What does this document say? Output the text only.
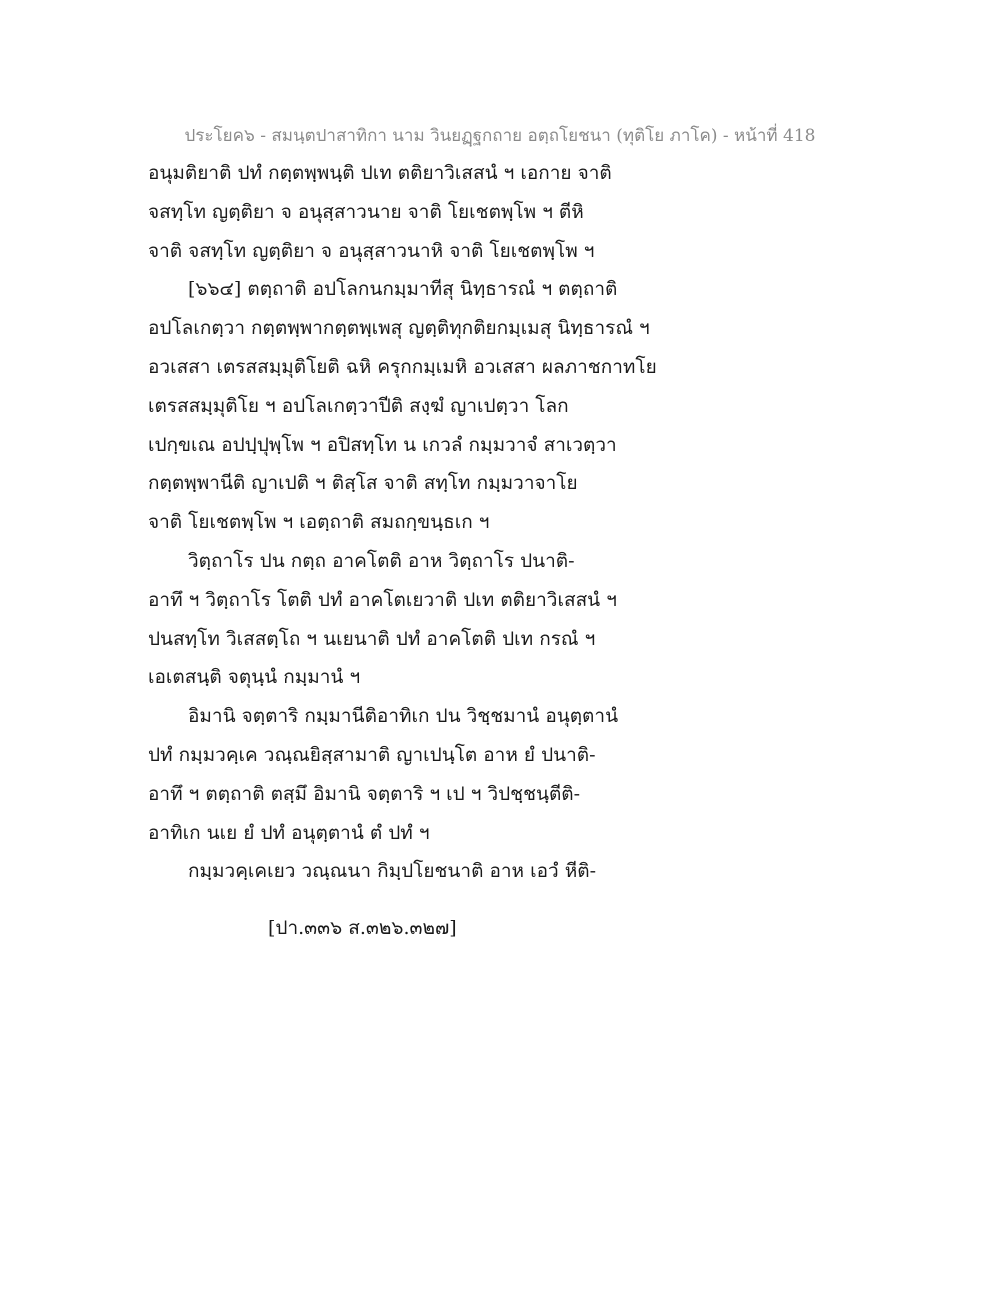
ประโยค๖ - สมนฺตปาสาทิกา นาม วินยฏฺฐกถาย อตฺถโยชนา (ทุติโย ภาโค) - หน้าที่ 418
อนุมติยาติ ปทํ กตฺตพฺพนฺติ ปเท ตติยาวิเสสนํ ฯ เอกาย จาติ
จสทฺโท ญตฺติยา จ อนุสฺสาวนาย จาติ โยเชตพฺโพ ฯ ตีหิ
จาติ จสทฺโท ญตฺติยา จ อนุสฺสาวนาหิ จาติ โยเชตพฺโพ ฯ
[๖๖๔] ตตฺถาติ อปโลกนกมฺมาทีสุ นิทฺธารณํ ฯ ตตฺถาติ
อปโลเกตฺวา กตฺตพฺพากตฺตพฺเพสุ ญตฺติทุกติยกมฺเมสุ นิทฺธารณํ ฯ
อวเสสา เตรสสมฺมุติโยติ ฉหิ ครุกกมฺเมหิ อวเสสา ผลภาชกาทโย
เตรสสมฺมุติโย ฯ อปโลเกตฺวาปีติ สงฺฆํ ญาเปตฺวา โลก
เปกฺขเณ อปปฺปุพฺโพ ฯ อปิสทฺโท น เกวลํ กมฺมวาจํ สาเวตฺวา
กตฺตพฺพานีติ ญาเปติ ฯ ติสฺโส จาติ สทฺโท กมฺมวาจาโย
จาติ โยเชตพฺโพ ฯ เอตฺถาติ สมถกฺขนฺธเก ฯ
วิตฺถาโร ปน กตฺถ อาคโตติ อาห วิตฺถาโร ปนาติ-
อาทึ ฯ วิตฺถาโร โตติ ปทํ อาคโตเยวาติ ปเท ตติยาวิเสสนํ ฯ
ปนสทฺโท วิเสสตฺโถ ฯ นเยนาติ ปทํ อาคโตติ ปเท กรณํ ฯ
เอเตสนฺติ จตุนฺนํ กมฺมานํ ฯ
อิมานิ จตฺตาริ กมฺมานีติอาทิเก ปน วิชฺชมานํ อนุตฺตานํ
ปทํ กมฺมวคฺเค วณฺณยิสฺสามาติ ญาเปนฺโต อาห ยํ ปนาติ-
อาทึ ฯ ตตฺถาติ ตสฺมึ อิมานิ จตฺตาริ ฯ เป ฯ วิปชฺชนฺตีติ-
อาทิเก นเย ยํ ปทํ อนุตฺตานํ ตํ ปทํ ฯ
กมฺมวคฺเคเยว วณฺณนา กิมฺปโยชนาติ อาห เอวํ หีติ-
[ปา.๓๓๖ ส.๓๒๖.๓๒๗]
